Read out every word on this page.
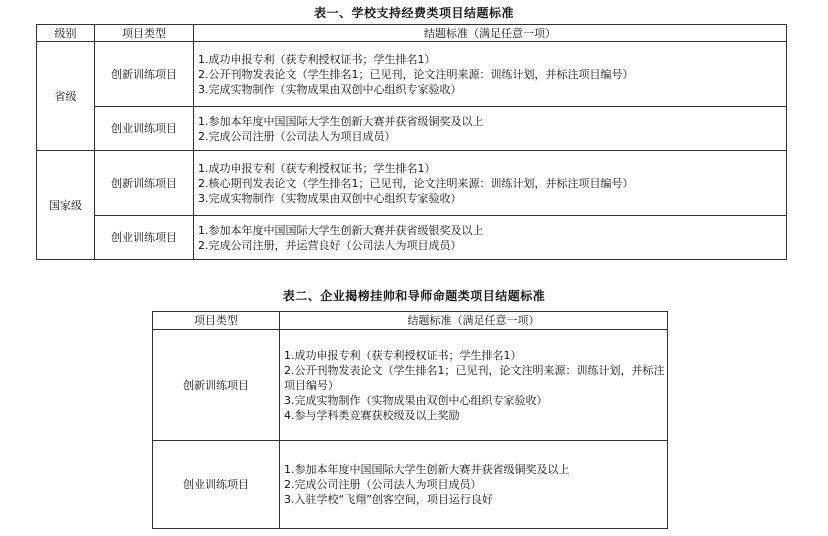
表一、学校支持经费类项目结题标准
级别	项目类型	结题标准（满足任意一项）
省级	创新训练项目	1.成功申报专利（获专利授权证书；学生排名1）
2.公开刊物发表论文（学生排名1；已见刊，论文注明来源：训练计划，并标注项目编号）
3.完成实物制作（实物成果由双创中心组织专家验收）

	创业训练项目	1.参加本年度中国国际大学生创新大赛并获省级铜奖及以上
2.完成公司注册（公司法人为项目成员）

国家级	创新训练项目	1.成功申报专利（获专利授权证书；学生排名1）
2.核心期刊发表论文（学生排名1；已见刊，论文注明来源：训练计划，并标注项目编号）
3.完成实物制作（实物成果由双创中心组织专家验收）

	创业训练项目	1.参加本年度中国国际大学生创新大赛并获省级银奖及以上
2.完成公司注册，并运营良好（公司法人为项目成员）
表二、企业揭榜挂帅和导师命题类项目结题标准
项目类型	结题标准（满足任意一项）
创新训练项目	1.成功申报专利（获专利授权证书；学生排名1）
2.公开刊物发表论文（学生排名1；已见刊，论文注明来源：训练计划，并标注项目编号）
3.完成实物制作（实物成果由双创中心组织专家验收）
4.参与学科类竞赛获校级及以上奖励

创业训练项目	1.参加本年度中国国际大学生创新大赛并获省级铜奖及以上
2.完成公司注册（公司法人为项目成员）
3.入驻学校“飞翔”创客空间，项目运行良好
